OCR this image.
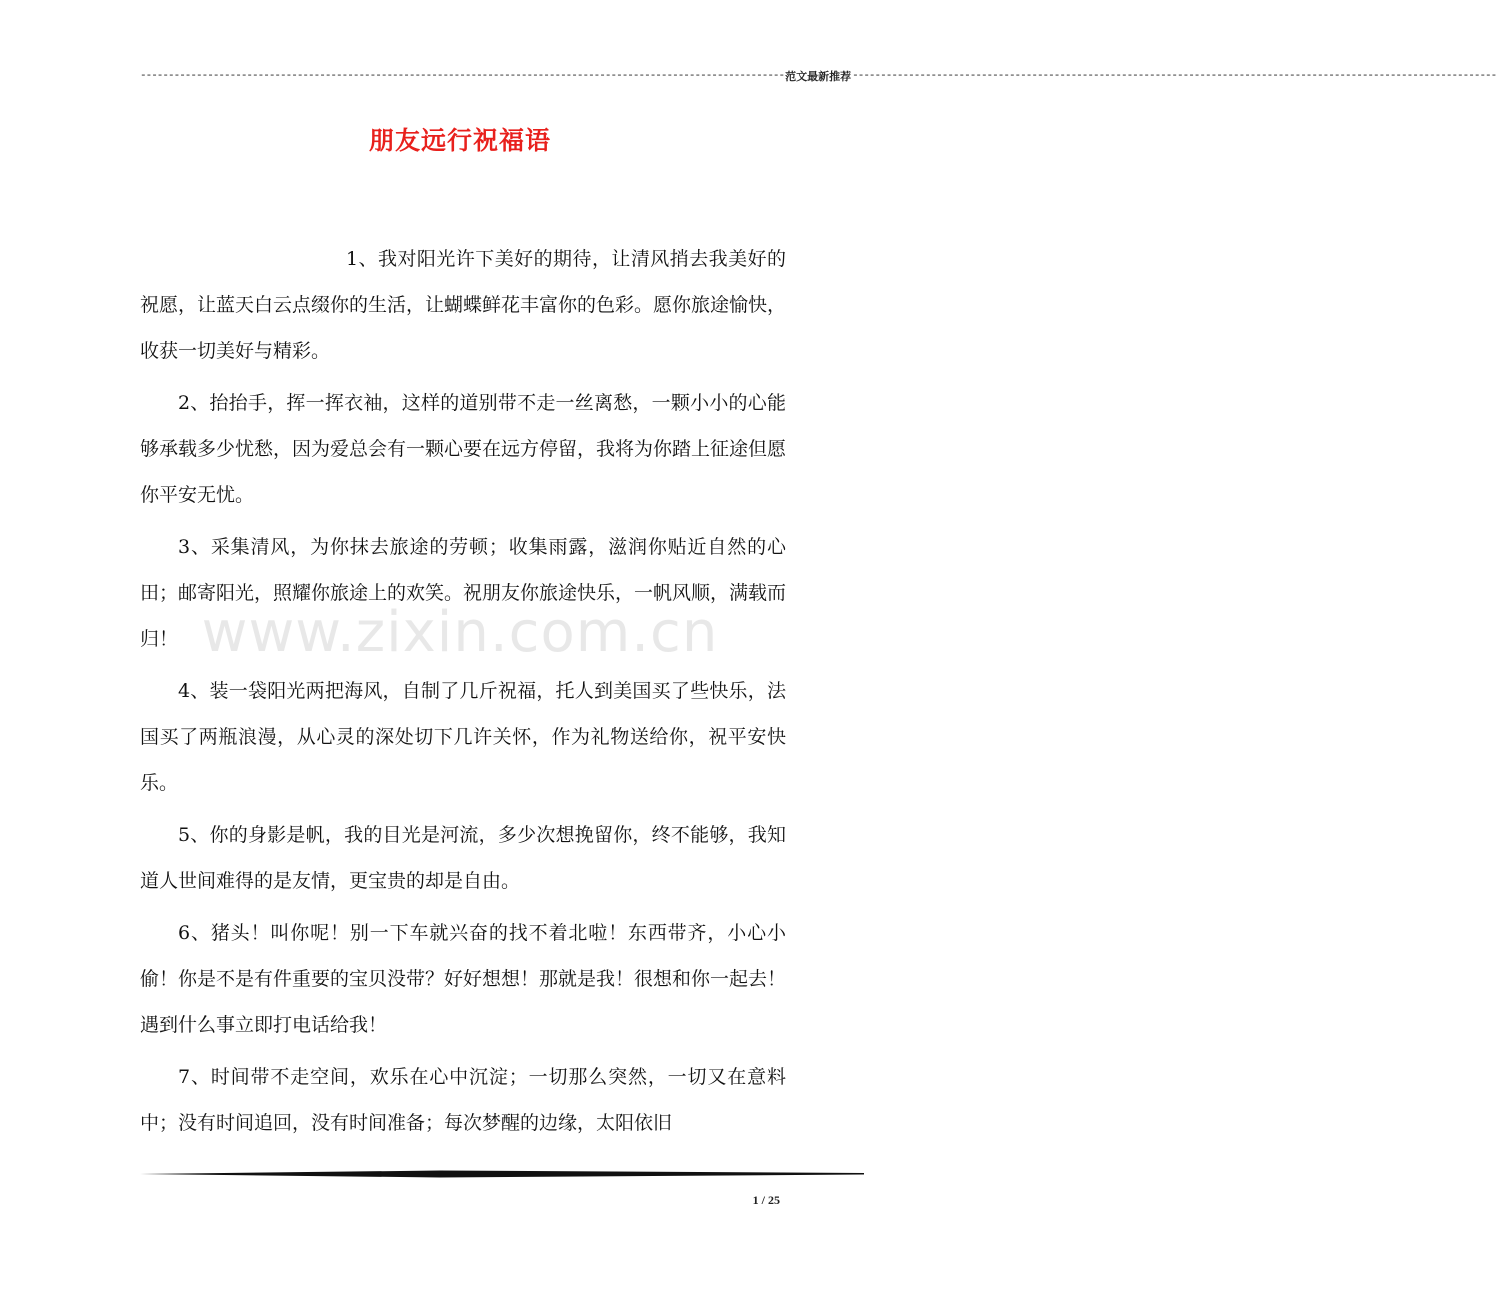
------------------------------------------------------------------------------------------------------------------- 范文最新推荐 -------------------------------------------------------------------------------------------------------------------
朋友远行祝福语

1、我对阳光许下美好的期待，让清风捎去我美好的祝愿，让蓝天白云点缀你的生活，让蝴蝶鲜花丰富你的色彩。愿你旅途愉快，收获一切美好与精彩。

2、抬抬手，挥一挥衣袖，这样的道别带不走一丝离愁，一颗小小的心能够承载多少忧愁，因为爱总会有一颗心要在远方停留，我将为你踏上征途但愿你平安无忧。

3、采集清风，为你抹去旅途的劳顿；收集雨露，滋润你贴近自然的心田；邮寄阳光，照耀你旅途上的欢笑。祝朋友你旅途快乐，一帆风顺，满载而归！

4、装一袋阳光两把海风，自制了几斤祝福，托人到美国买了些快乐，法国买了两瓶浪漫，从心灵的深处切下几许关怀，作为礼物送给你，祝平安快乐。

5、你的身影是帆，我的目光是河流，多少次想挽留你，终不能够，我知道人世间难得的是友情，更宝贵的却是自由。

6、猪头！叫你呢！别一下车就兴奋的找不着北啦！东西带齐，小心小偷！你是不是有件重要的宝贝没带？好好想想！那就是我！很想和你一起去！遇到什么事立即打电话给我！

7、时间带不走空间，欢乐在心中沉淀；一切那么突然，一切又在意料中；没有时间追回，没有时间准备；每次梦醒的边缘，太阳依旧

www.zixin.com.cn
1 / 25
